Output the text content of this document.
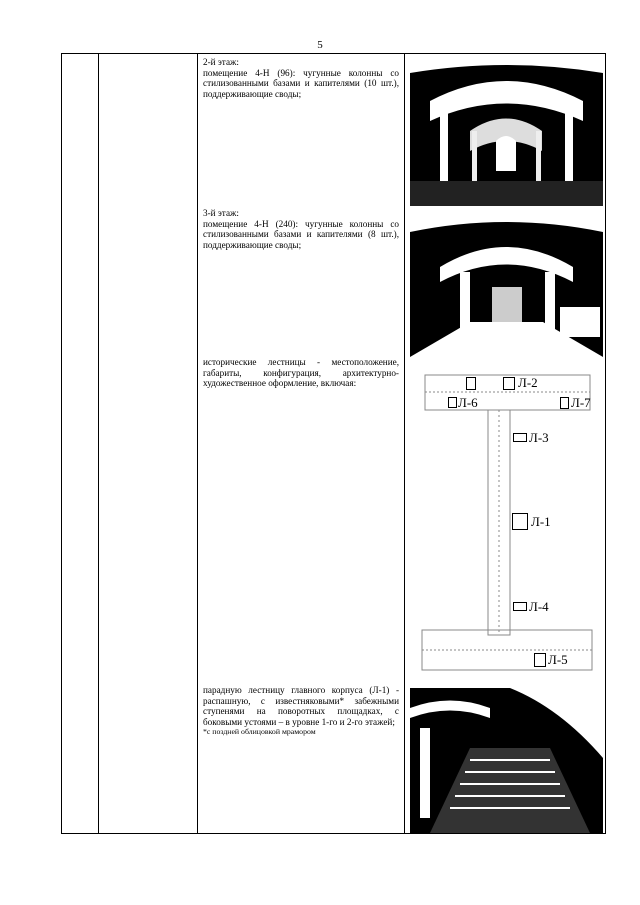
5

2-й этаж:

помещение 4-Н (96): чугунные колонны со стилизованными базами и капителями (10 шт.), поддерживающие своды;

3-й этаж:

помещение 4-Н (240): чугунные колонны со стилизованными базами и капителями (8 шт.), поддерживающие своды;

исторические лестницы - местоположение, габариты, конфигурация, архитектурно-художественное оформление, включая:	Л-2
Л-6	Л-7
Л-3
Л-1
Л-4
Л-5

парадную лестницу главного корпуса (Л-1) - распашную, с известняковыми* забежными ступенями на поворотных площадках, с боковыми устоями – в уровне 1-го и 2-го этажей;

*с поздней облицовкой мрамором
